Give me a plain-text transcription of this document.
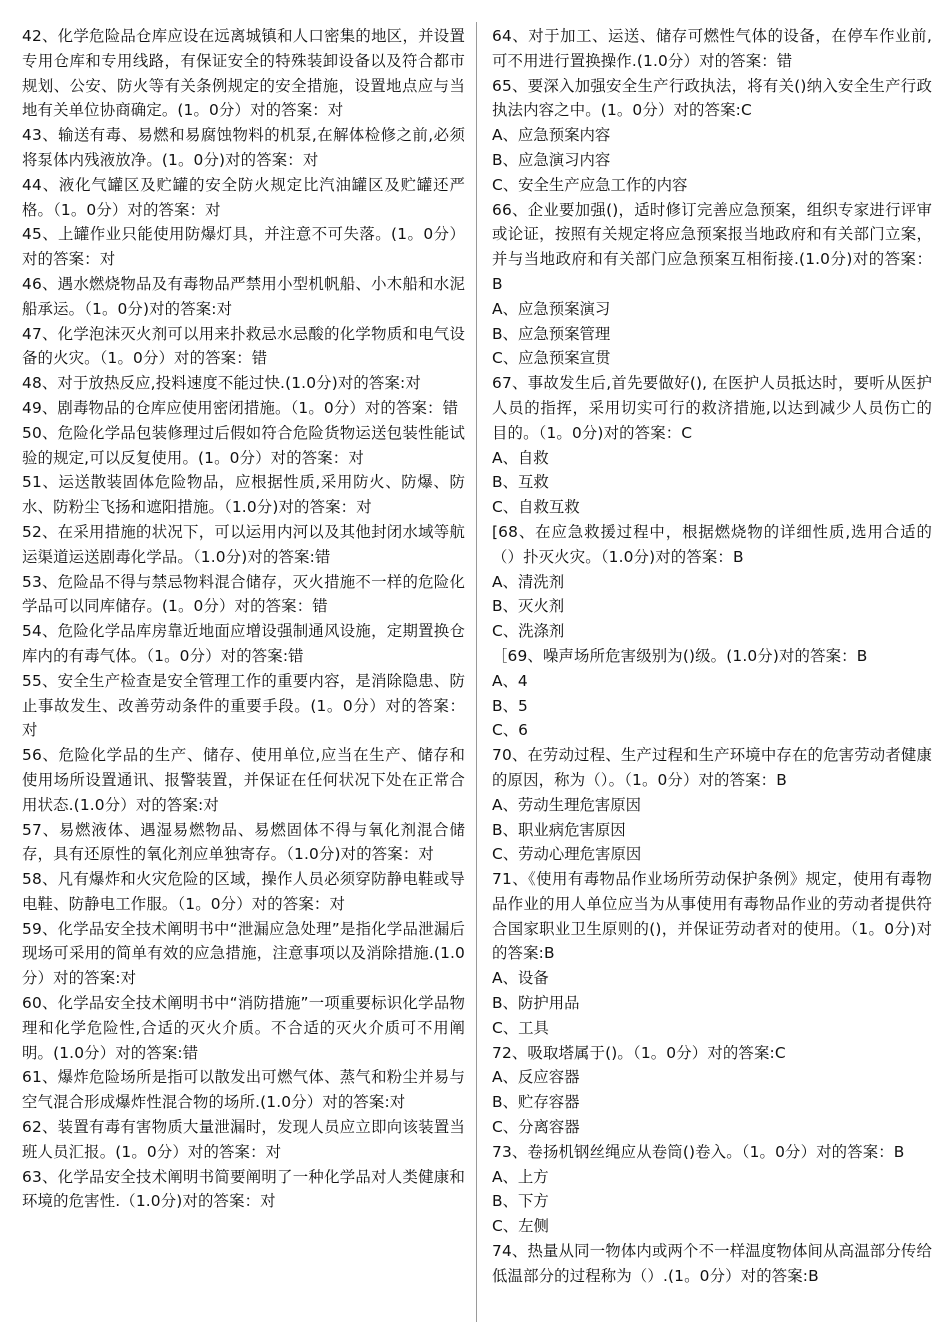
42、化学危险品仓库应设在远离城镇和人口密集的地区，并设置专用仓库和专用线路，有保证安全的特殊装卸设备以及符合都市规划、公安、防火等有关条例规定的安全措施，设置地点应与当地有关单位协商确定。(1。0分）对的答案：对

43、输送有毒、易燃和易腐蚀物料的机泵,在解体检修之前,必须将泵体内残液放净。(1。0分)对的答案：对

44、液化气罐区及贮罐的安全防火规定比汽油罐区及贮罐还严格。（1。0分）对的答案：对

45、上罐作业只能使用防爆灯具，并注意不可失落。(1。0分）对的答案：对

46、遇水燃烧物品及有毒物品严禁用小型机帆船、小木船和水泥船承运。（1。0分)对的答案:对

47、化学泡沫灭火剂可以用来扑救忌水忌酸的化学物质和电气设备的火灾。（1。0分）对的答案：错

48、对于放热反应,投料速度不能过快.(1.0分)对的答案:对

49、剧毒物品的仓库应使用密闭措施。（1。0分）对的答案：错

50、危险化学品包装修理过后假如符合危险货物运送包装性能试验的规定,可以反复使用。(1。0分）对的答案：对

51、运送散装固体危险物品，应根据性质,采用防火、防爆、防水、防粉尘飞扬和遮阳措施。（1.0分)对的答案：对

52、在采用措施的状况下，可以运用内河以及其他封闭水域等航运渠道运送剧毒化学品。（1.0分)对的答案:错

53、危险品不得与禁忌物料混合储存，灭火措施不一样的危险化学品可以同库储存。(1。0分）对的答案：错

54、危险化学品库房靠近地面应增设强制通风设施，定期置换仓库内的有毒气体。（1。0分）对的答案:错

55、安全生产检查是安全管理工作的重要内容，是消除隐患、防止事故发生、改善劳动条件的重要手段。(1。0分）对的答案：对

56、危险化学品的生产、储存、使用单位,应当在生产、储存和使用场所设置通讯、报警装置，并保证在任何状况下处在正常合用状态.(1.0分）对的答案:对

57、易燃液体、遇湿易燃物品、易燃固体不得与氧化剂混合储存，具有还原性的氧化剂应单独寄存。（1.0分)对的答案：对

58、凡有爆炸和火灾危险的区域，操作人员必须穿防静电鞋或导电鞋、防静电工作服。（1。0分）对的答案：对

59、化学品安全技术阐明书中“泄漏应急处理”是指化学品泄漏后现场可采用的简单有效的应急措施，注意事项以及消除措施.(1.0分）对的答案:对

60、化学品安全技术阐明书中“消防措施”一项重要标识化学品物理和化学危险性,合适的灭火介质。不合适的灭火介质可不用阐明。(1.0分）对的答案:错

61、爆炸危险场所是指可以散发出可燃气体、蒸气和粉尘并易与空气混合形成爆炸性混合物的场所.(1.0分）对的答案:对

62、装置有毒有害物质大量泄漏时，发现人员应立即向该装置当班人员汇报。(1。0分）对的答案：对

63、化学品安全技术阐明书简要阐明了一种化学品对人类健康和环境的危害性.（1.0分)对的答案：对

64、对于加工、运送、储存可燃性气体的设备，在停车作业前,可不用进行置换操作.(1.0分）对的答案：错

65、要深入加强安全生产行政执法，将有关()纳入安全生产行政执法内容之中。(1。0分）对的答案:C

A、应急预案内容

B、应急演习内容

C、安全生产应急工作的内容

66、企业要加强()，适时修订完善应急预案，组织专家进行评审或论证，按照有关规定将应急预案报当地政府和有关部门立案，并与当地政府和有关部门应急预案互相衔接.(1.0分)对的答案：B

A、应急预案演习

B、应急预案管理

C、应急预案宣贯

67、事故发生后,首先要做好(), 在医护人员抵达时，要听从医护人员的指挥，采用切实可行的救济措施,以达到减少人员伤亡的目的。（1。0分)对的答案：C

A、自救

B、互救

C、自救互救

[68、在应急救援过程中，根据燃烧物的详细性质,选用合适的（）扑灭火灾。（1.0分)对的答案：B

A、清洗剂

B、灭火剂

C、洗涤剂

［69、噪声场所危害级别为()级。(1.0分)对的答案：B

A、4

B、5

C、6

70、在劳动过程、生产过程和生产环境中存在的危害劳动者健康的原因，称为（）。（1。0分）对的答案：B

A、劳动生理危害原因

B、职业病危害原因

C、劳动心理危害原因

71、《使用有毒物品作业场所劳动保护条例》规定，使用有毒物品作业的用人单位应当为从事使用有毒物品作业的劳动者提供符合国家职业卫生原则的()，并保证劳动者对的使用。（1。0分)对的答案:B

A、设备

B、防护用品

C、工具

72、吸取塔属于()。（1。0分）对的答案:C

A、反应容器

B、贮存容器

C、分离容器

73、卷扬机钢丝绳应从卷筒()卷入。（1。0分）对的答案：B

A、上方

B、下方

C、左侧

74、热量从同一物体内或两个不一样温度物体间从高温部分传给低温部分的过程称为（）.(1。0分）对的答案:B
